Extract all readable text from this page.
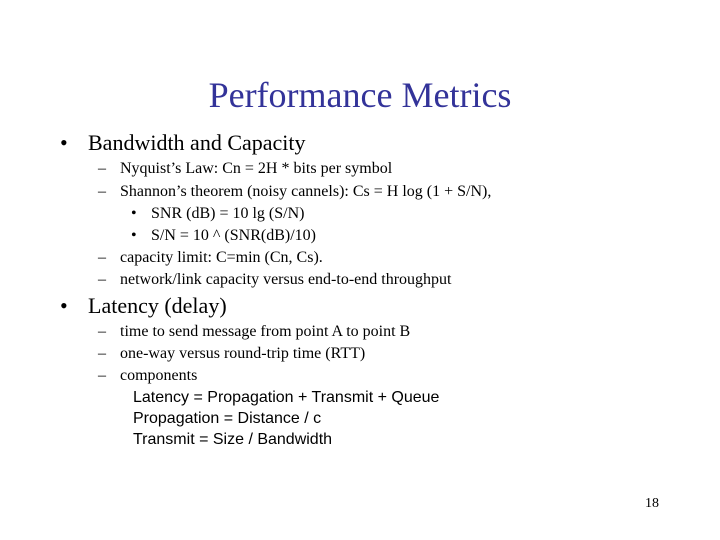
Performance Metrics
• Bandwidth and Capacity
– Nyquist’s Law: Cn = 2H * bits per symbol
– Shannon’s theorem (noisy cannels): Cs = H log (1 + S/N),
• SNR (dB) = 10 lg (S/N)
• S/N = 10 ^ (SNR(dB)/10)
– capacity limit: C=min (Cn, Cs).
– network/link capacity versus end-to-end throughput
• Latency (delay)
– time to send message from point A to point B
– one-way versus round-trip time (RTT)
– components
Latency = Propagation + Transmit + Queue
Propagation = Distance / c
Transmit = Size / Bandwidth
18
